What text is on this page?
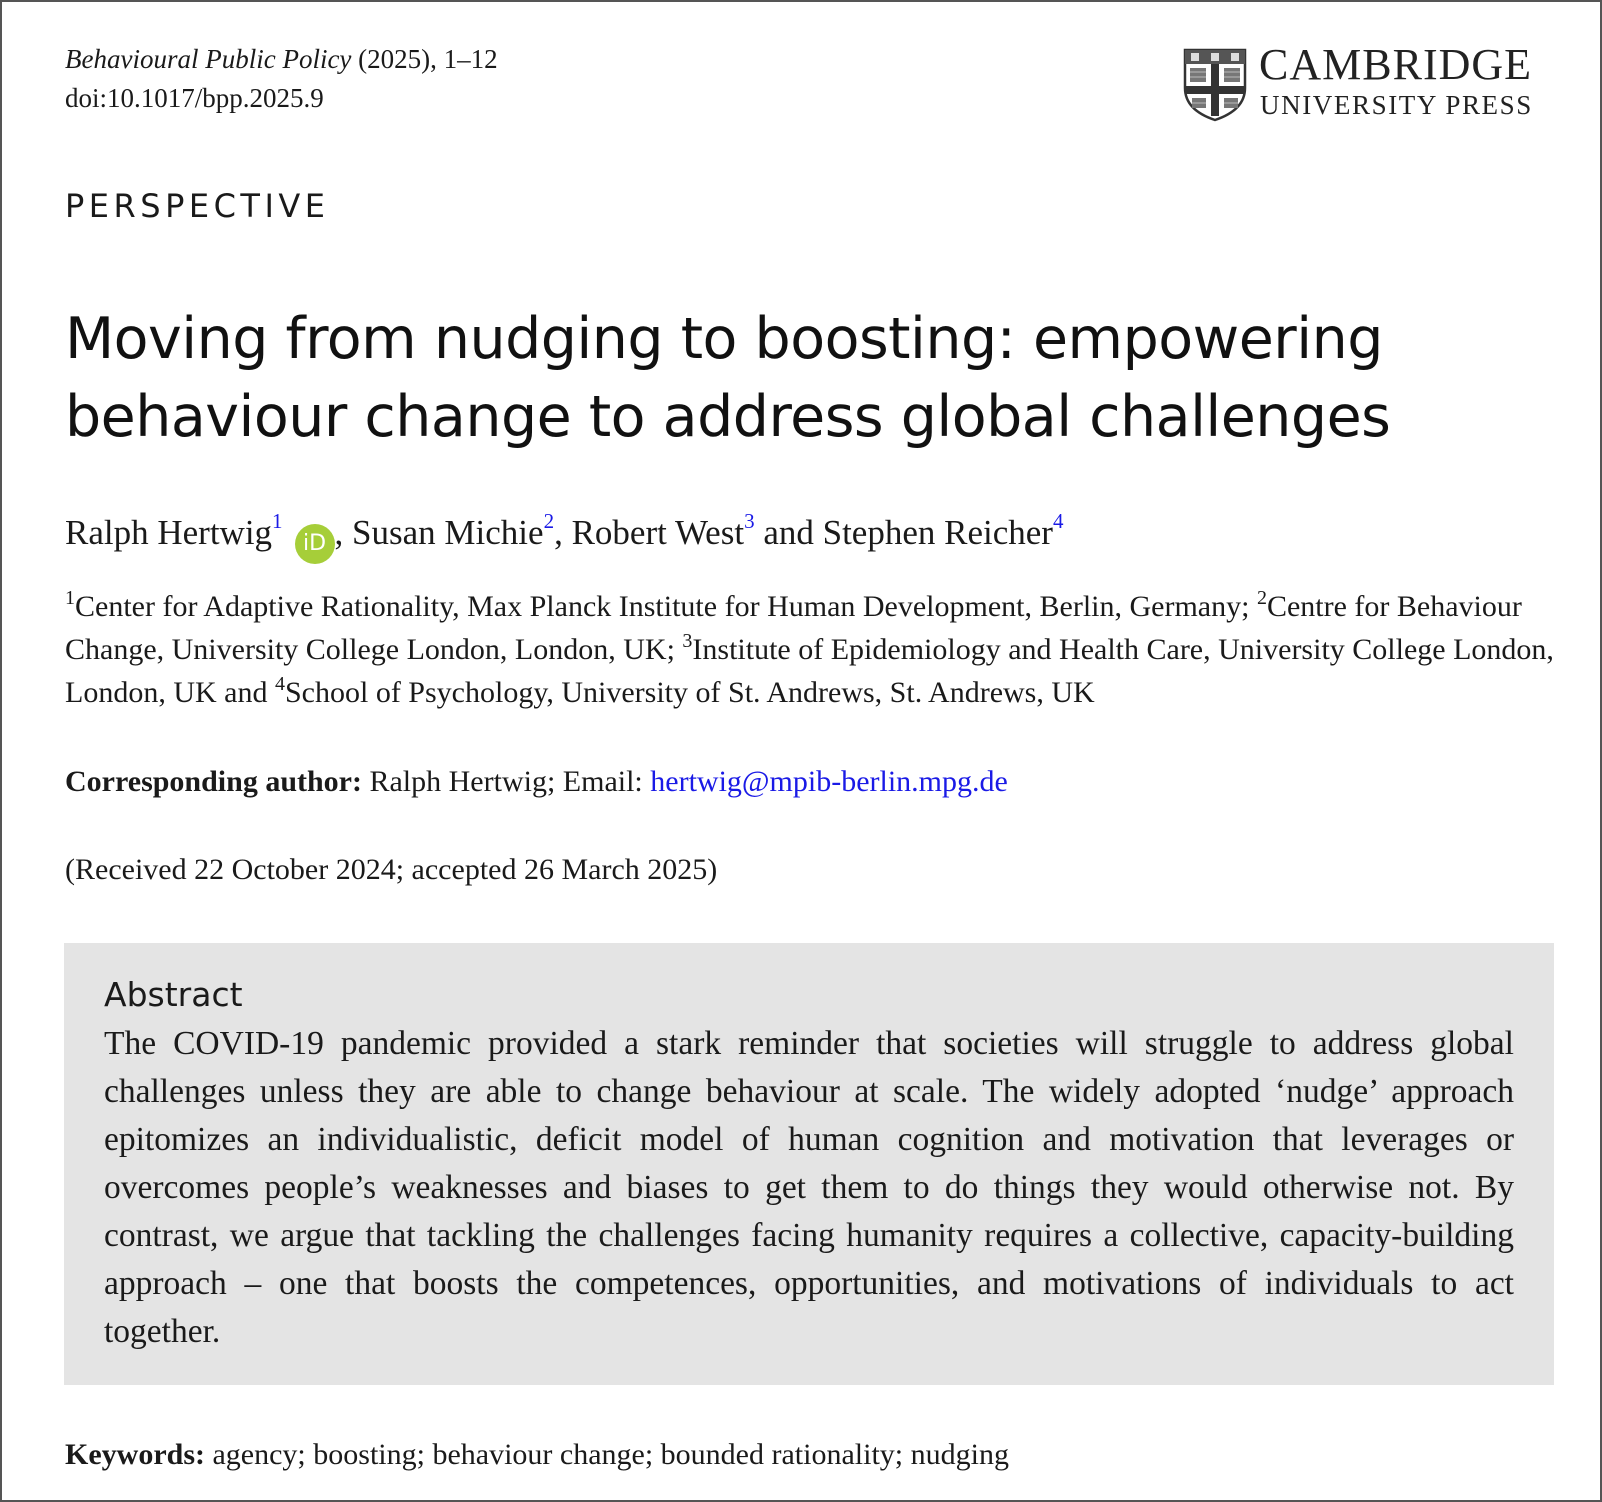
Behavioural Public Policy (2025), 1–12
doi:10.1017/bpp.2025.9
CAMBRIDGE
UNIVERSITY PRESS
PERSPECTIVE
Moving from nudging to boosting: empowering behaviour change to address global challenges
Ralph Hertwig$^1$iD , Susan Michie$^2$, Robert West$^3$ and Stephen Reicher$^4$
$^1$Center for Adaptive Rationality, Max Planck Institute for Human Development, Berlin, Germany; $^2$Centre for Behaviour Change, University College London, London, UK; $^3$Institute of Epidemiology and Health Care, University College London, London, UK and $^4$School of Psychology, University of St. Andrews, St. Andrews, UK
Corresponding author: Ralph Hertwig; Email: hertwig@mpib-berlin.mpg.de
(Received 22 October 2024; accepted 26 March 2025)
Abstract
The COVID-19 pandemic provided a stark reminder that societies will struggle to address global challenges unless they are able to change behaviour at scale. The widely adopted ‘nudge’ approach epitomizes an individualistic, deficit model of human cognition and motivation that leverages or overcomes people’s weaknesses and biases to get them to do things they would otherwise not. By contrast, we argue that tackling the challenges facing humanity requires a collective, capacity-building approach – one that boosts the competences, opportunities, and motivations of individuals to act together.
Keywords: agency; boosting; behaviour change; bounded rationality; nudging
